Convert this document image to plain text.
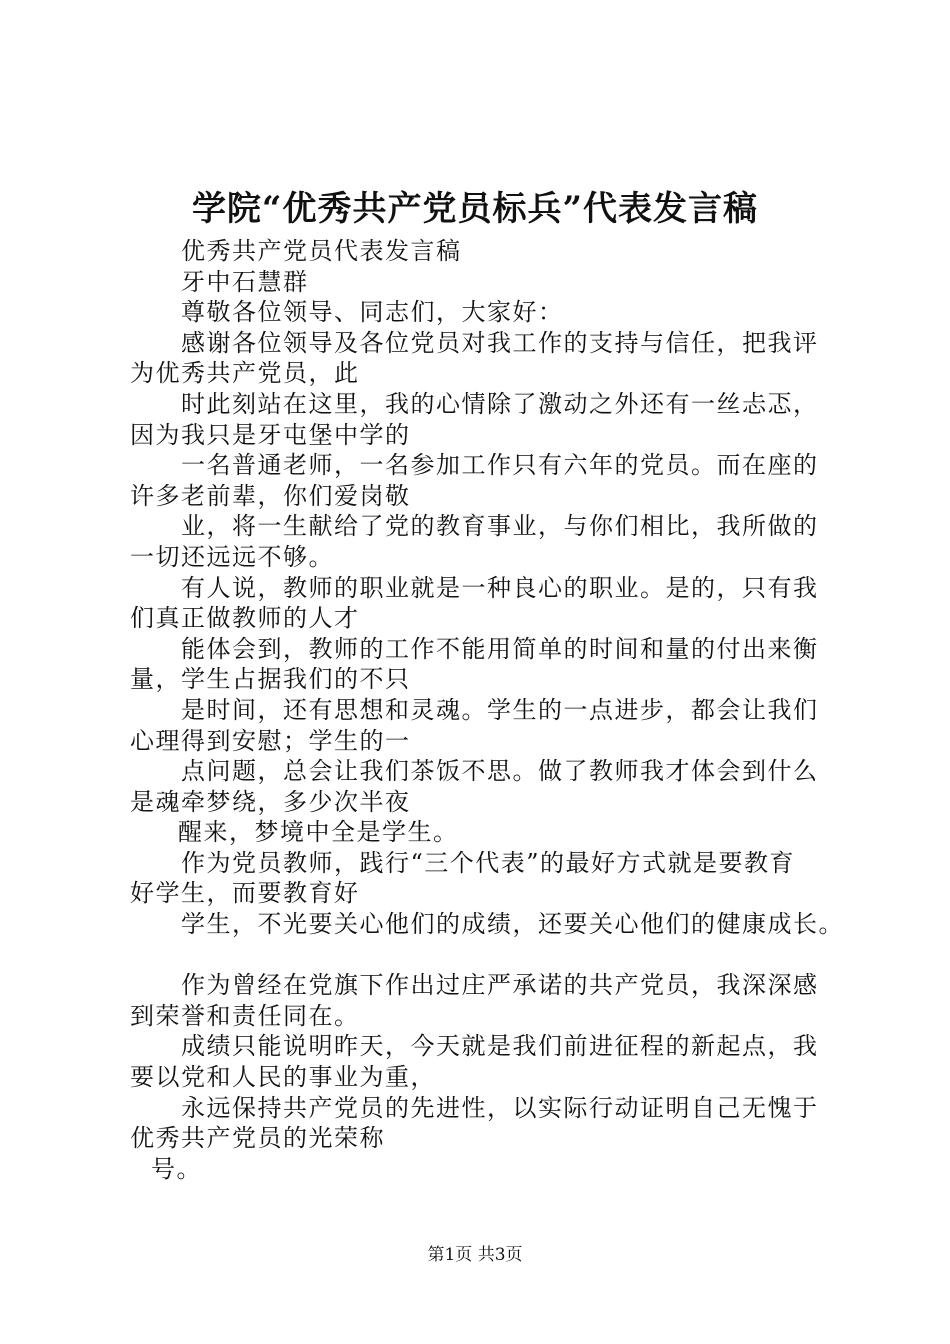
学院“优秀共产党员标兵”代表发言稿

优秀共产党员代表发言稿

牙中石慧群

尊敬各位领导、同志们，大家好：

感谢各位领导及各位党员对我工作的支持与信任，把我评

为优秀共产党员，此

时此刻站在这里，我的心情除了激动之外还有一丝忐忑，

因为我只是牙屯堡中学的

一名普通老师，一名参加工作只有六年的党员。而在座的

许多老前辈，你们爱岗敬

业，将一生献给了党的教育事业，与你们相比，我所做的

一切还远远不够。

有人说，教师的职业就是一种良心的职业。是的，只有我

们真正做教师的人才

能体会到，教师的工作不能用简单的时间和量的付出来衡

量，学生占据我们的不只

是时间，还有思想和灵魂。学生的一点进步，都会让我们

心理得到安慰；学生的一

点问题，总会让我们茶饭不思。做了教师我才体会到什么

是魂牵梦绕，多少次半夜

醒来，梦境中全是学生。

作为党员教师，践行“三个代表”的最好方式就是要教育

好学生，而要教育好

学生，不光要关心他们的成绩，还要关心他们的健康成长。

作为曾经在党旗下作出过庄严承诺的共产党员，我深深感

到荣誉和责任同在。

成绩只能说明昨天，今天就是我们前进征程的新起点，我

要以党和人民的事业为重，

永远保持共产党员的先进性，以实际行动证明自己无愧于

优秀共产党员的光荣称

号。

第1页 共3页
